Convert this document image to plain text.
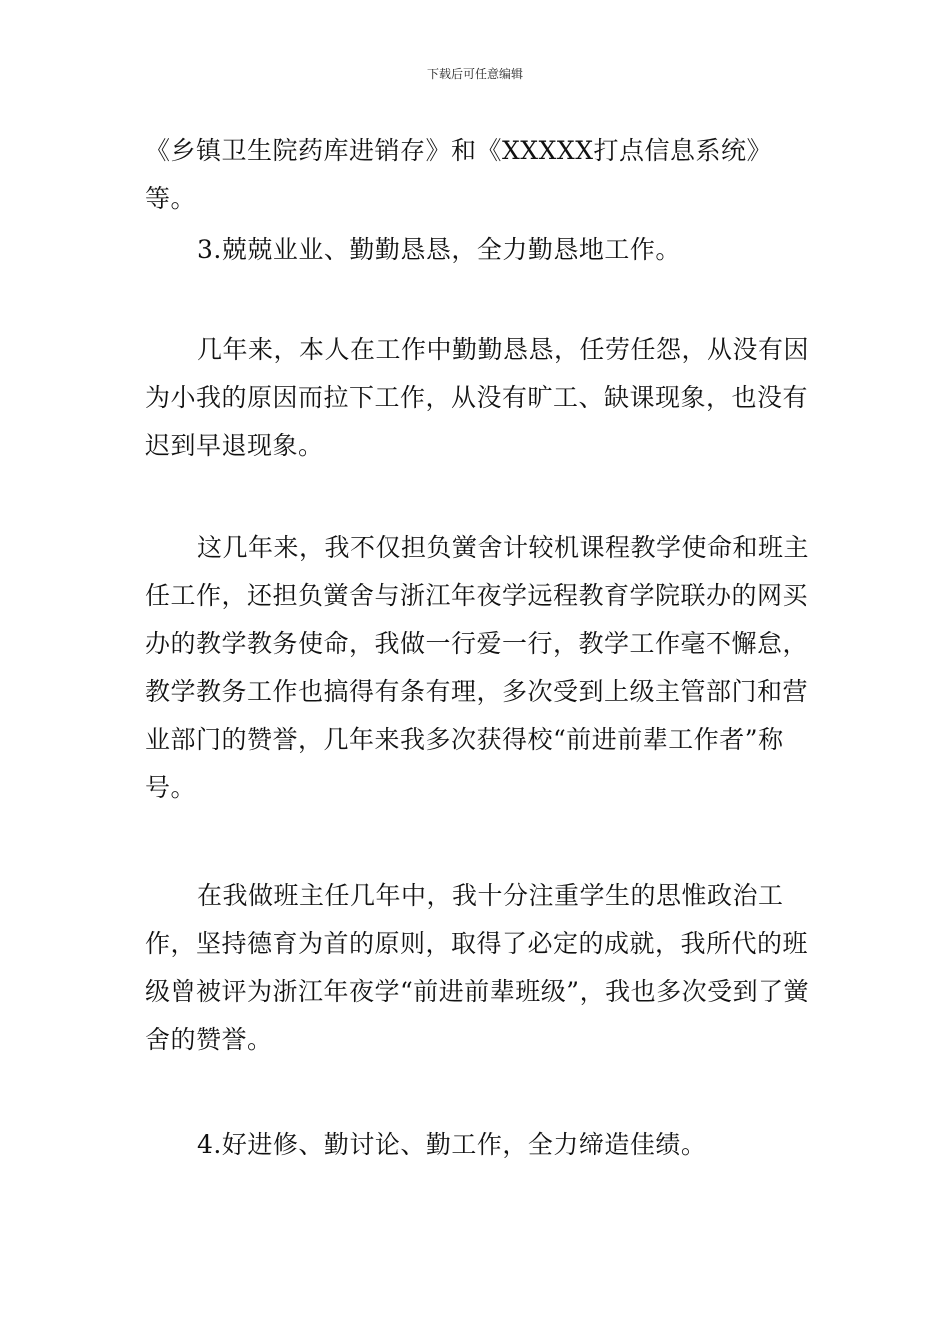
下载后可任意编辑

《乡镇卫生院药库进销存》和《XXXXX打点信息系统》等。

3.兢兢业业、勤勤恳恳，全力勤恳地工作。

几年来，本人在工作中勤勤恳恳，任劳任怨，从没有因为小我的原因而拉下工作，从没有旷工、缺课现象，也没有迟到早退现象。

这几年来，我不仅担负黉舍计较机课程教学使命和班主任工作，还担负黉舍与浙江年夜学远程教育学院联办的网买办的教学教务使命，我做一行爱一行，教学工作毫不懈怠，教学教务工作也搞得有条有理，多次受到上级主管部门和营业部门的赞誉，几年来我多次获得校“前进前辈工作者”称号。

在我做班主任几年中，我十分注重学生的思惟政治工作，坚持德育为首的原则，取得了必定的成就，我所代的班级曾被评为浙江年夜学“前进前辈班级”，我也多次受到了黉舍的赞誉。

4.好进修、勤讨论、勤工作，全力缔造佳绩。
